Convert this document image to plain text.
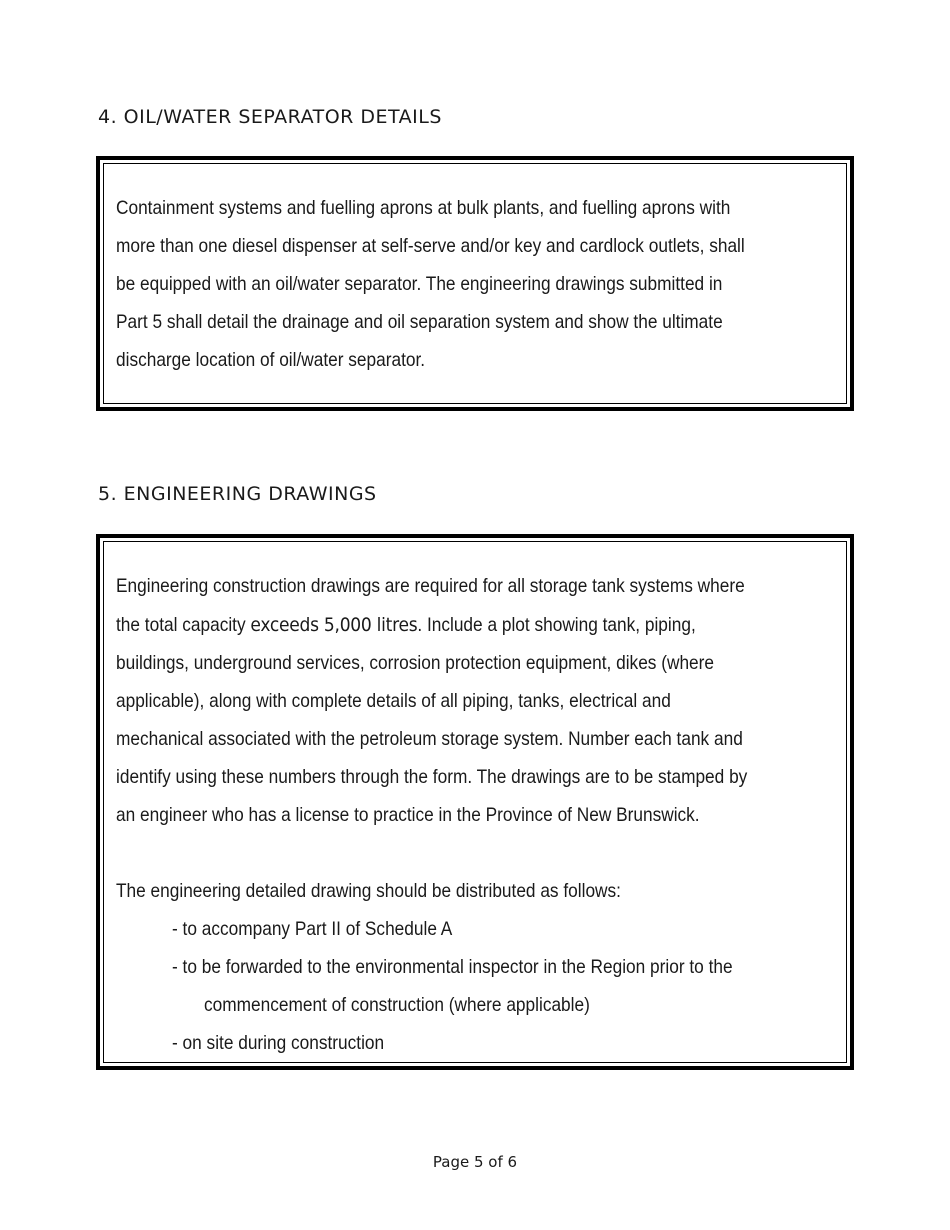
4. OIL/WATER SEPARATOR DETAILS

Containment systems and fuelling aprons at bulk plants, and fuelling aprons with

more than one diesel dispenser at self-serve and/or key and cardlock outlets, shall

be equipped with an oil/water separator. The engineering drawings submitted in

Part 5 shall detail the drainage and oil separation system and show the ultimate

discharge location of oil/water separator.

5. ENGINEERING DRAWINGS

Engineering construction drawings are required for all storage tank systems where

the total capacity exceeds 5,000 litres. Include a plot showing tank, piping,

buildings, underground services, corrosion protection equipment, dikes (where

applicable), along with complete details of all piping, tanks, electrical and

mechanical associated with the petroleum storage system. Number each tank and

identify using these numbers through the form. The drawings are to be stamped by

an engineer who has a license to practice in the Province of New Brunswick.

The engineering detailed drawing should be distributed as follows:

- to accompany Part II of Schedule A

- to be forwarded to the environmental inspector in the Region prior to the

commencement of construction (where applicable)

- on site during construction

Page 5 of 6
